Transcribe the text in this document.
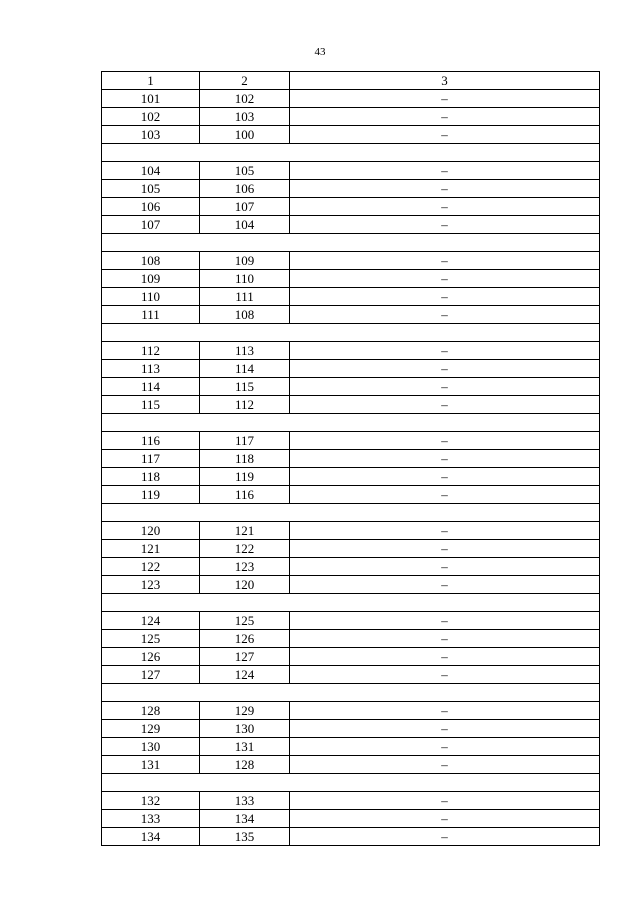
43
1	2	3
101	102	–
102	103	–
103	100	–

104	105	–
105	106	–
106	107	–
107	104	–

108	109	–
109	110	–
110	111	–
111	108	–

112	113	–
113	114	–
114	115	–
115	112	–

116	117	–
117	118	–
118	119	–
119	116	–

120	121	–
121	122	–
122	123	–
123	120	–

124	125	–
125	126	–
126	127	–
127	124	–

128	129	–
129	130	–
130	131	–
131	128	–

132	133	–
133	134	–
134	135	–
